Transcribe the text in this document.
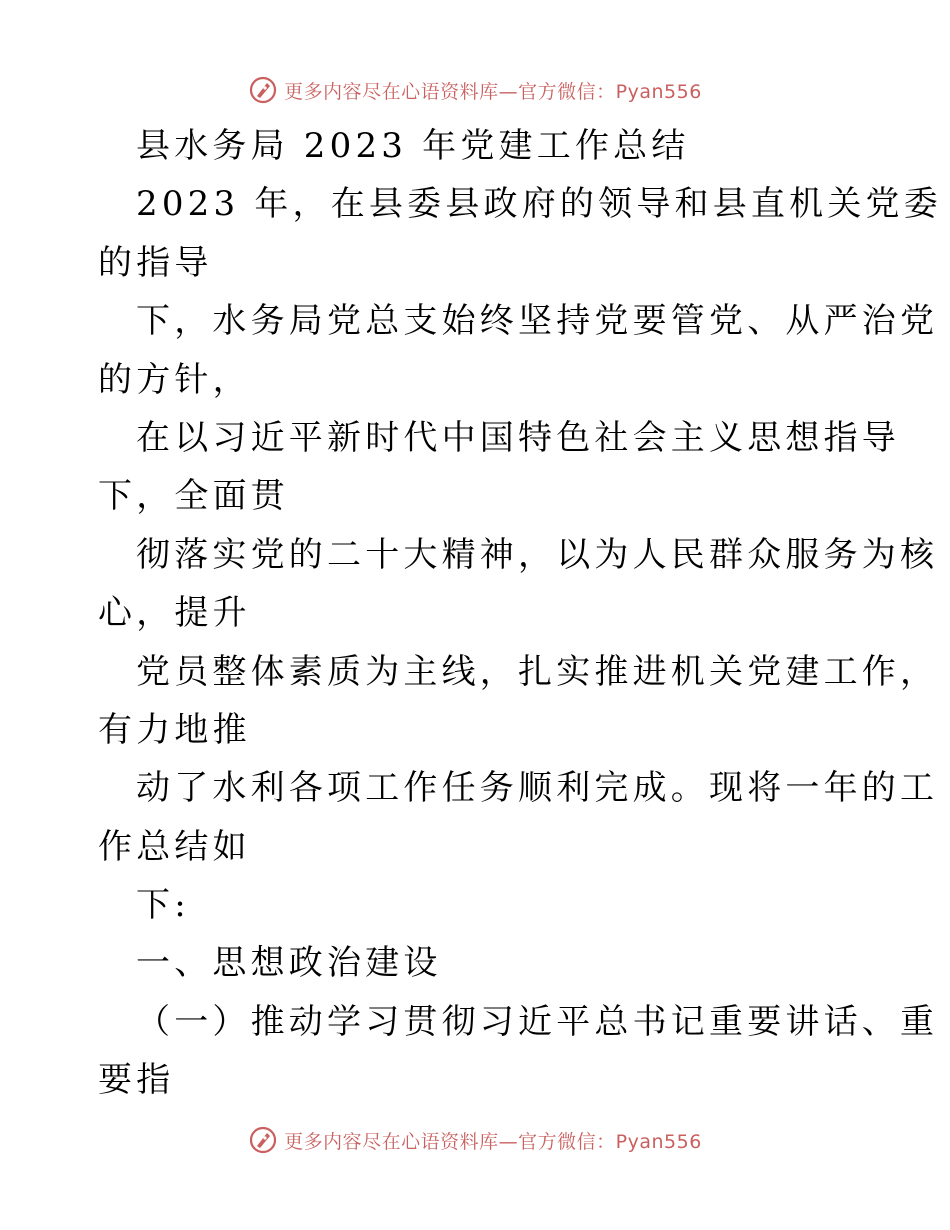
更多内容尽在心语资料库—官方微信：Pyan556
县水务局 2023 年党建工作总结
2023 年，在县委县政府的领导和县直机关党委
的指导
下，水务局党总支始终坚持党要管党、从严治党
的方针，
在以习近平新时代中国特色社会主义思想指导
下，全面贯
彻落实党的二十大精神，以为人民群众服务为核
心，提升
党员整体素质为主线，扎实推进机关党建工作，
有力地推
动了水利各项工作任务顺利完成。现将一年的工
作总结如
下:
一、思想政治建设
（一）推动学习贯彻习近平总书记重要讲话、重
要指
更多内容尽在心语资料库—官方微信：Pyan556
